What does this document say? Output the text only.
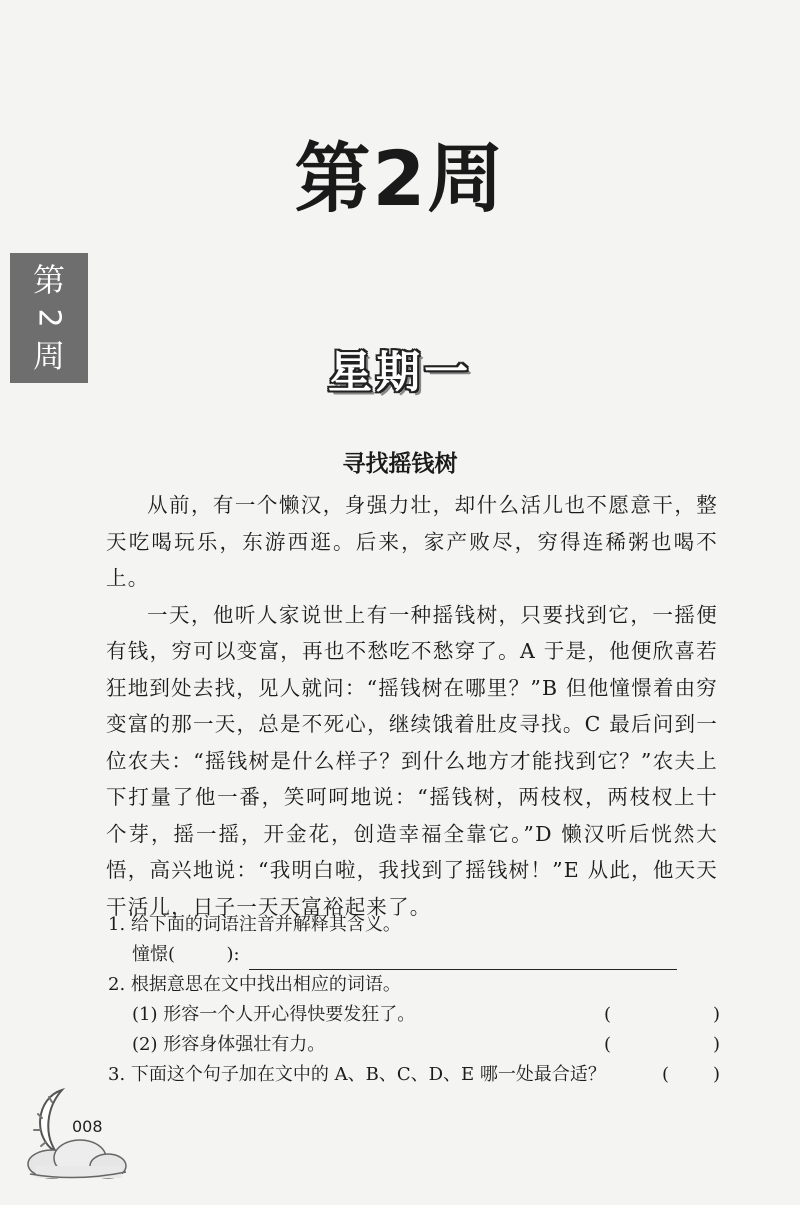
第2周
第
2
周	星期一
寻找摇钱树

从前，有一个懒汉，身强力壮，却什么活儿也不愿意干，整天吃喝玩乐，东游西逛。后来，家产败尽，穷得连稀粥也喝不上。

一天，他听人家说世上有一种摇钱树，只要找到它，一摇便有钱，穷可以变富，再也不愁吃不愁穿了。A 于是，他便欣喜若狂地到处去找，见人就问：“摇钱树在哪里？”B 但他憧憬着由穷变富的那一天，总是不死心，继续饿着肚皮寻找。C 最后问到一位农夫：“摇钱树是什么样子？到什么地方才能找到它？”农夫上下打量了他一番，笑呵呵地说：“摇钱树，两枝杈，两枝杈上十个芽，摇一摇，开金花，创造幸福全靠它。”D 懒汉听后恍然大悟，高兴地说：“我明白啦，我找到了摇钱树！”E 从此，他天天干活儿，日子一天天富裕起来了。

1. 给下面的词语注音并解释其含义。
憧憬(	):
2. 根据意思在文中找出相应的词语。
(1) 形容一个人开心得快要发狂了。	(	)
(2) 形容身体强壮有力。	(	)
3. 下面这个句子加在文中的 A、B、C、D、E 哪一处最合适？	( )
008
